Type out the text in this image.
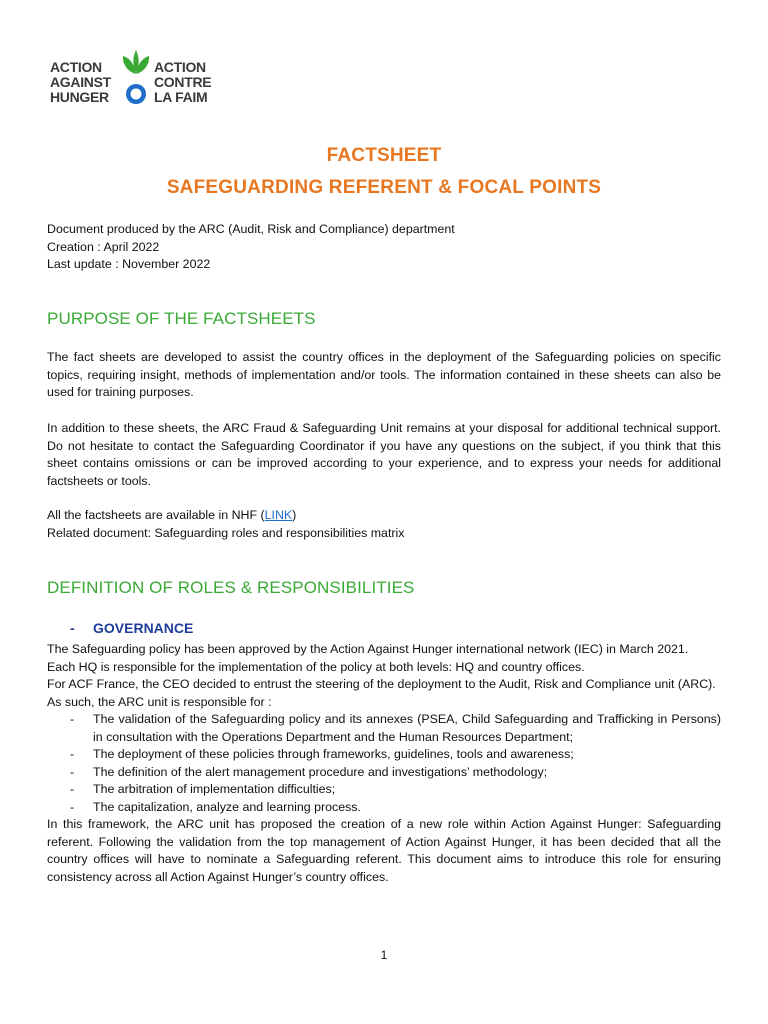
ACTION
AGAINST
HUNGER
ACTION
CONTRE
LA FAIM
FACTSHEET
SAFEGUARDING REFERENT & FOCAL POINTS
Document produced by the ARC (Audit, Risk and Compliance) department
Creation : April 2022
Last update : November 2022
PURPOSE OF THE FACTSHEETS
The fact sheets are developed to assist the country offices in the deployment of the Safeguarding policies on specific topics, requiring insight, methods of implementation and/or tools. The information contained in these sheets can also be used for training purposes.
In addition to these sheets, the ARC Fraud & Safeguarding Unit remains at your disposal for additional technical support. Do not hesitate to contact the Safeguarding Coordinator if you have any questions on the subject, if you think that this sheet contains omissions or can be improved according to your experience, and to express your needs for additional factsheets or tools.
All the factsheets are available in NHF (LINK)
Related document: Safeguarding roles and responsibilities matrix
DEFINITION OF ROLES & RESPONSIBILITIES
- GOVERNANCE
The Safeguarding policy has been approved by the Action Against Hunger international network (IEC) in March 2021.
Each HQ is responsible for the implementation of the policy at both levels: HQ and country offices.
For ACF France, the CEO decided to entrust the steering of the deployment to the Audit, Risk and Compliance unit (ARC).
As such, the ARC unit is responsible for :
- The validation of the Safeguarding policy and its annexes (PSEA, Child Safeguarding and Trafficking in Persons) in consultation with the Operations Department and the Human Resources Department;
- The deployment of these policies through frameworks, guidelines, tools and awareness;
- The definition of the alert management procedure and investigations’ methodology;
- The arbitration of implementation difficulties;
- The capitalization, analyze and learning process.
In this framework, the ARC unit has proposed the creation of a new role within Action Against Hunger: Safeguarding referent. Following the validation from the top management of Action Against Hunger, it has been decided that all the country offices will have to nominate a Safeguarding referent. This document aims to introduce this role for ensuring consistency across all Action Against Hunger’s country offices.
1
